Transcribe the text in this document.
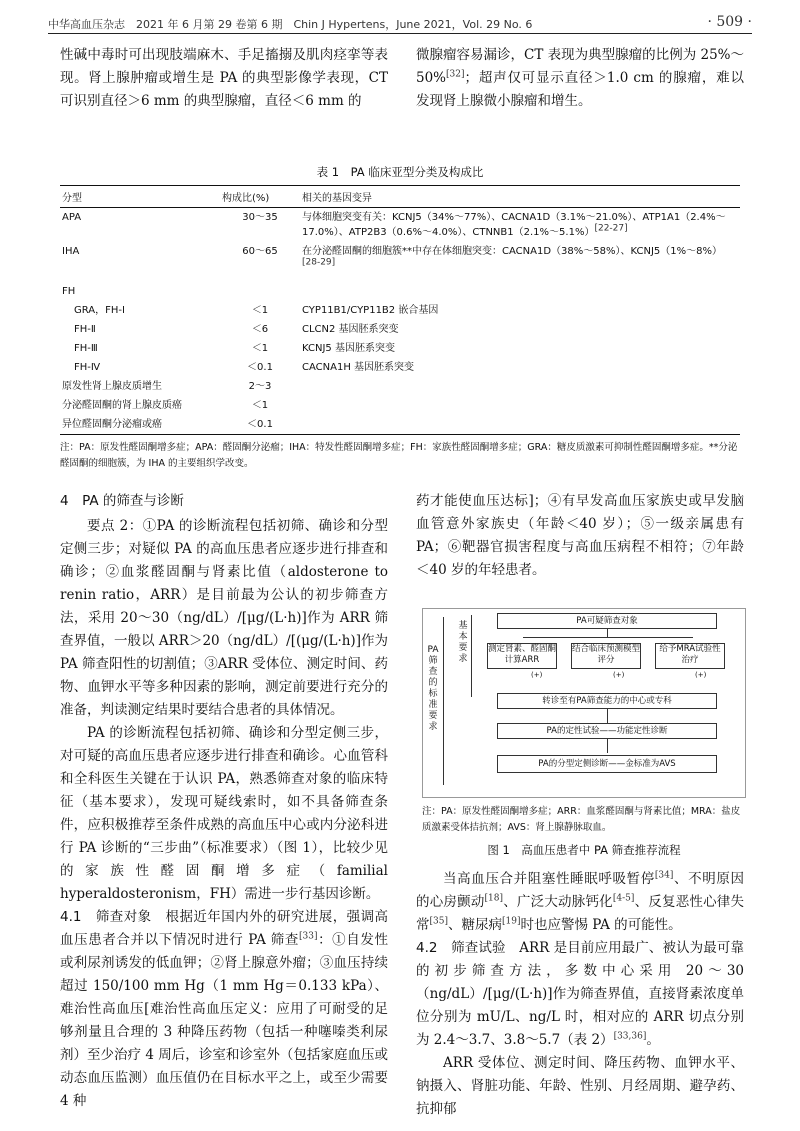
中华高血压杂志　2021 年 6 月第 29 卷第 6 期　Chin J Hypertens，June 2021，Vol. 29 No. 6	· 509 ·
性碱中毒时可出现肢端麻木、手足搐搦及肌肉痉挛等表现。肾上腺肿瘤或增生是 PA 的典型影像学表现，CT 可识别直径＞6 mm 的典型腺瘤，直径＜6 mm 的
微腺瘤容易漏诊，CT 表现为典型腺瘤的比例为 25%～50%[32]；超声仅可显示直径＞1.0 cm 的腺瘤，难以发现肾上腺微小腺瘤和增生。
表 1　PA 临床亚型分类及构成比
分型	构成比(%)	相关的基因变异
APA	30～35	与体细胞突变有关：KCNJ5（34%～77%）、CACNA1D（3.1%～21.0%）、ATP1A1（2.4%～17.0%）、ATP2B3（0.6%～4.0%）、CTNNB1（2.1%～5.1%）[22-27]
IHA	60～65	在分泌醛固酮的细胞簇**中存在体细胞突变：CACNA1D（38%～58%）、KCNJ5（1%～8%）[28-29]
FH		
GRA，FH-Ⅰ	＜1	CYP11B1/CYP11B2 嵌合基因
FH-Ⅱ	＜6	CLCN2 基因胚系突变
FH-Ⅲ	＜1	KCNJ5 基因胚系突变
FH-Ⅳ	＜0.1	CACNA1H 基因胚系突变
原发性肾上腺皮质增生	2～3	
分泌醛固酮的肾上腺皮质癌	＜1	
异位醛固酮分泌瘤或癌	＜0.1	
注：PA：原发性醛固酮增多症；APA：醛固酮分泌瘤；IHA：特发性醛固酮增多症；FH：家族性醛固酮增多症；GRA：糖皮质激素可抑制性醛固酮增多症。**分泌醛固酮的细胞簇，为 IHA 的主要组织学改变。
4　PA 的筛查与诊断
要点 2：①PA 的诊断流程包括初筛、确诊和分型定侧三步；对疑似 PA 的高血压患者应逐步进行排查和确诊；②血浆醛固酮与肾素比值（aldosterone to renin ratio，ARR）是目前最为公认的初步筛查方法，采用 20～30（ng/dL）/[μg/(L·h)]作为 ARR 筛查界值，一般以 ARR＞20（ng/dL）/[(μg/(L·h)]作为 PA 筛查阳性的切割值；③ARR 受体位、测定时间、药物、血钾水平等多种因素的影响，测定前要进行充分的准备，判读测定结果时要结合患者的具体情况。
PA 的诊断流程包括初筛、确诊和分型定侧三步，对可疑的高血压患者应逐步进行排查和确诊。心血管科和全科医生关键在于认识 PA，熟悉筛查对象的临床特征（基本要求），发现可疑线索时，如不具备筛查条件，应积极推荐至条件成熟的高血压中心或内分泌科进行 PA 诊断的“三步曲”（标准要求）（图 1），比较少见的家族性醛固酮增多症（familial hyperaldosteronism，FH）需进一步行基因诊断。
4.1　筛查对象　根据近年国内外的研究进展，强调高血压患者合并以下情况时进行 PA 筛查[33]：①自发性或利尿剂诱发的低血钾；②肾上腺意外瘤；③血压持续超过 150/100 mm Hg（1 mm Hg＝0.133 kPa）、难治性高血压[难治性高血压定义：应用了可耐受的足够剂量且合理的 3 种降压药物（包括一种噻嗪类利尿剂）至少治疗 4 周后，诊室和诊室外（包括家庭血压或动态血压监测）血压值仍在目标水平之上，或至少需要 4 种
药才能使血压达标]；④有早发高血压家族史或早发脑血管意外家族史（年龄＜40 岁）；⑤一级亲属患有 PA；⑥靶器官损害程度与高血压病程不相符；⑦年龄＜40 岁的年轻患者。
PA筛查的标准要求
基本要求
PA可疑筛查对象
测定肾素、醛固酮计算ARR
结合临床预测模型评分
给予MRA试验性治疗
(+)	(+)	(+)
转诊至有PA筛查能力的中心或专科
PA的定性试验——功能定性诊断
PA的分型定侧诊断——金标准为AVS
注：PA：原发性醛固酮增多症；ARR：血浆醛固酮与肾素比值；MRA：盐皮质激素受体拮抗剂；AVS：肾上腺静脉取血。
图 1　高血压患者中 PA 筛查推荐流程
当高血压合并阻塞性睡眠呼吸暂停[34]、不明原因的心房颤动[18]、广泛大动脉钙化[4-5]、反复恶性心律失常[35]、糖尿病[19]时也应警惕 PA 的可能性。
4.2　筛查试验　ARR 是目前应用最广、被认为最可靠的初步筛查方法，多数中心采用 20～30（ng/dL）/[μg/(L·h)]作为筛查界值，直接肾素浓度单位分别为 mU/L、ng/L 时，相对应的 ARR 切点分别为 2.4～3.7、3.8～5.7（表 2）[33,36]。
ARR 受体位、测定时间、降压药物、血钾水平、钠摄入、肾脏功能、年龄、性别、月经周期、避孕药、抗抑郁
